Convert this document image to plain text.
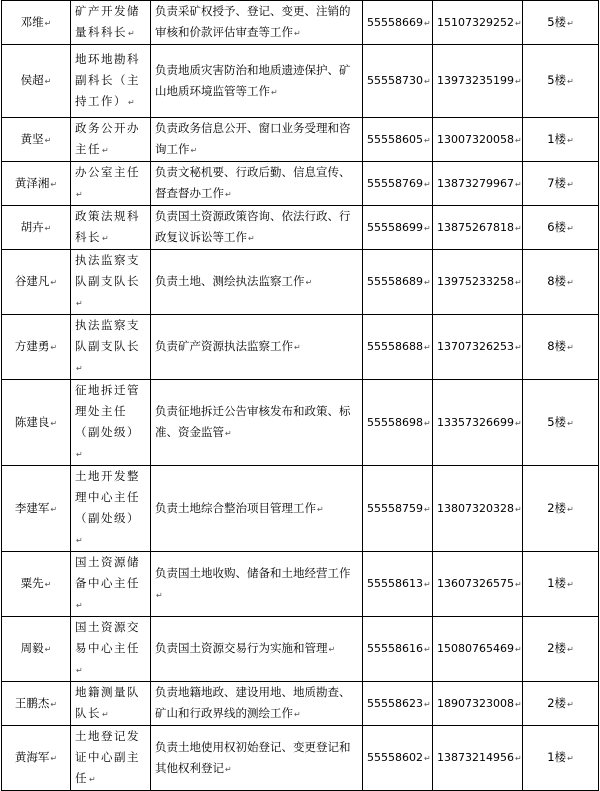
邓维↵	矿产开发储量科科长↵	负责采矿权授予、登记、变更、注销的审核和价款评估审查等工作↵	55558669↵	15107329252↵	5楼↵
侯超↵	地环地勘科副科长（主持工作）↵	负责地质灾害防治和地质遗迹保护、矿山地质环境监管等工作↵	55558730↵	13973235199↵	5楼↵
黄坚↵	政务公开办主任↵	负责政务信息公开、窗口业务受理和咨询工作↵	55558605↵	13007320058↵	1楼↵
黄泽湘↵	办公室主任↵	负责文秘机要、行政后勤、信息宣传、督查督办工作↵	55558769↵	13873279967↵	7楼↵
胡卉↵	政策法规科科长↵	负责国土资源政策咨询、依法行政、行政复议诉讼等工作↵	55558699↵	13875267818↵	6楼↵
谷建凡↵	执法监察支队副支队长↵	负责土地、测绘执法监察工作↵	55558689↵	13975233258↵	8楼↵
方建勇↵	执法监察支队副支队长↵	负责矿产资源执法监察工作↵	55558688↵	13707326253↵	8楼↵
陈建良↵	征地拆迁管理处主任（副处级）↵	负责征地拆迁公告审核发布和政策、标准、资金监管↵	55558698↵	13357326699↵	5楼↵
李建军↵	土地开发整理中心主任（副处级）↵	负责土地综合整治项目管理工作↵	55558759↵	13807320328↵	2楼↵
粟先↵	国土资源储备中心主任↵	负责国土地收购、储备和土地经营工作↵	55558613↵	13607326575↵	1楼↵
周毅↵	国土资源交易中心主任↵	负责国土资源交易行为实施和管理↵	55558616↵	15080765469↵	2楼↵
王鹏杰↵	地籍测量队队长↵	负责地籍地政、建设用地、地质勘查、矿山和行政界线的测绘工作↵	55558623↵	18907323008↵	2楼↵
黄海军↵	土地登记发证中心副主任↵	负责土地使用权初始登记、变更登记和其他权利登记↵	55558602↵	13873214956↵	1楼↵
